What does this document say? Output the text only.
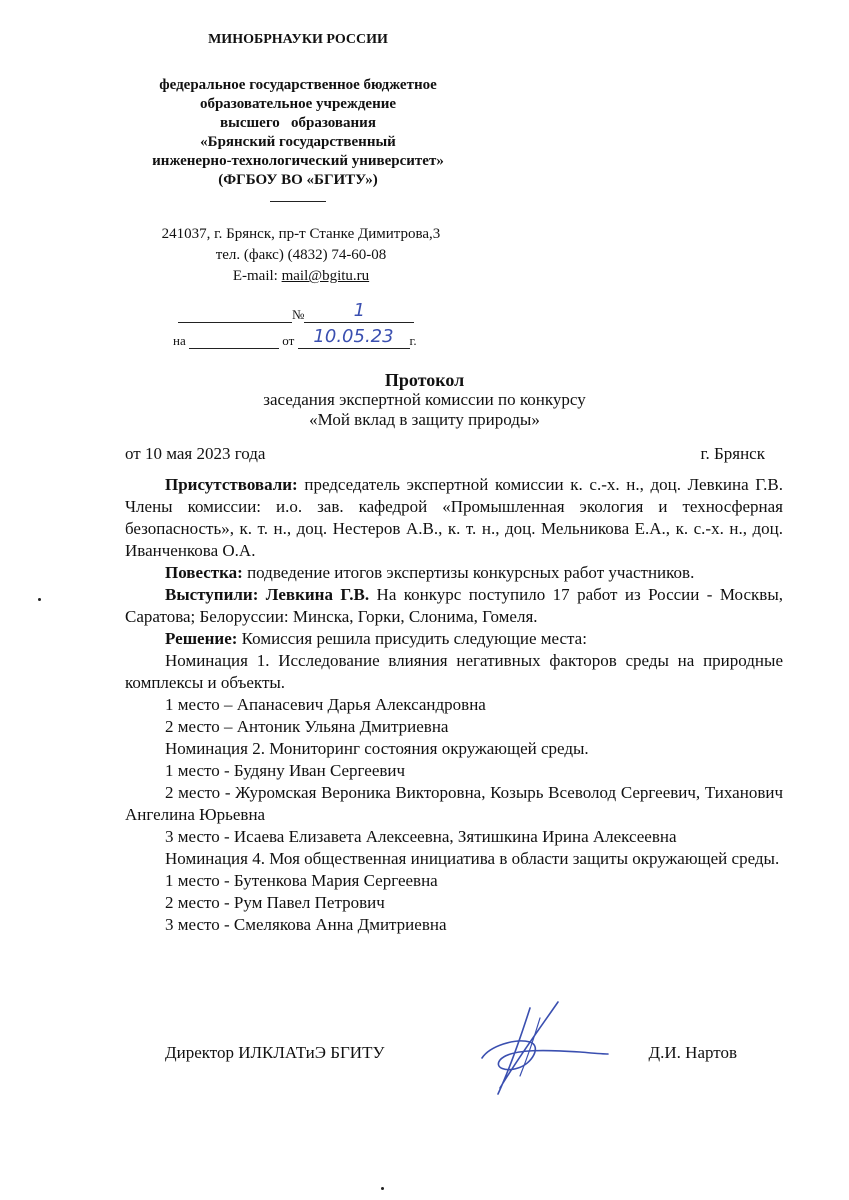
МИНОБРНАУКИ РОССИИ

федеральное государственное бюджетное

образовательное учреждение

высшего   образования

«Брянский государственный

инженерно-технологический университет»

(ФГБОУ ВО «БГИТУ»)

241037, г. Брянск, пр-т Станке Димитрова,3

тел. (факс) (4832) 74-60-08

E-mail: mail@bgitu.ru

№	1
на	от	10.05.23	г.

Протокол

заседания экспертной комиссии по конкурсу

«Мой вклад в защиту природы»

от 10 мая 2023 года	г. Брянск

Присутствовали: председатель экспертной комиссии к. с.-х. н., доц. Левкина Г.В. Члены комиссии: и.о. зав. кафедрой «Промышленная экология и техносферная безопасность», к. т. н., доц. Нестеров А.В., к. т. н., доц. Мельникова Е.А., к. с.-х. н., доц. Иванченкова О.А.

Повестка: подведение итогов экспертизы конкурсных работ участников.

Выступили: Левкина Г.В. На конкурс поступило 17 работ из России - Москвы, Саратова; Белоруссии: Минска, Горки, Слонима, Гомеля.

Решение: Комиссия решила присудить следующие места:

Номинация 1. Исследование влияния негативных факторов среды на природные комплексы и объекты.

1 место – Апанасевич Дарья Александровна

2 место – Антоник Ульяна Дмитриевна

Номинация 2. Мониторинг состояния окружающей среды.

1 место - Будяну Иван Сергеевич

2 место - Журомская Вероника Викторовна, Козырь Всеволод Сергеевич, Тиханович Ангелина Юрьевна

3 место - Исаева Елизавета Алексеевна, Зятишкина Ирина Алексеевна

Номинация 4. Моя общественная инициатива в области защиты окружающей среды.

1 место - Бутенкова Мария Сергеевна

2 место - Рум Павел Петрович

3 место - Смелякова Анна Дмитриевна

Директор ИЛКЛАТиЭ БГИТУ	Д.И. Нартов
